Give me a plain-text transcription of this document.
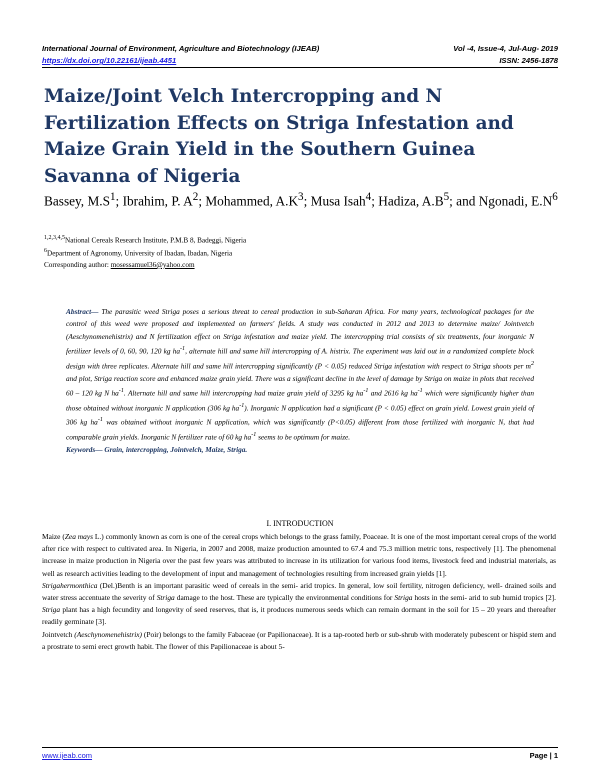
International Journal of Environment, Agriculture and Biotechnology (IJEAB)	Vol -4, Issue-4, Jul-Aug- 2019
https://dx.doi.org/10.22161/ijeab.4451	ISSN: 2456-1878
Maize/Joint Velch Intercropping and N Fertilization Effects on Striga Infestation and Maize Grain Yield in the Southern Guinea Savanna of Nigeria

Bassey, $M.S^1$; Ibrahim, P. $A^2$; Mohammed, $A.K^3$; Musa Isah$^4$; Hadiza, $A.B^5$; and Ngonadi, $E.N^6$

$^{1,2,3,4,5}$National Cereals Research Institute, P.M.B 8, Badeggi, Nigeria
$^6$Department of Agronomy, University of Ibadan, Ibadan, Nigeria
Corresponding author: mosessamuel36@yahoo.com

Abstract— The parasitic weed Striga poses a serious threat to cereal production in sub-Saharan Africa. For many years, technological packages for the control of this weed were proposed and implemented on farmers' fields. A study was conducted in 2012 and 2013 to determine maize/ Jointvetch (Aeschynomenehistrix) and N fertilization effect on Striga infestation and maize yield. The intercropping trial consists of six treatments, four inorganic N fertilizer levels of 0, 60, 90, 120 kg $ha^{-1}$, alternate hill and same hill intercropping of A. histrix. The experiment was laid out in a randomized complete block design with three replicates. Alternate hill and same hill intercropping significantly (P < 0.05) reduced Striga infestation with respect to Striga shoots per $m^2$ and plot, Striga reaction score and enhanced maize grain yield. There was a significant decline in the level of damage by Striga on maize in plots that received 60 – 120 kg N $ha^{-1}$. Alternate hill and same hill intercropping had maize grain yield of 3295 kg $ha^{-1}$ and 2616 kg $ha^{-1}$ which were significantly higher than those obtained without inorganic N application (306 kg $ha^{-1}$). Inorganic N application had a significant (P < 0.05) effect on grain yield. Lowest grain yield of 306 kg $ha^{-1}$ was obtained without inorganic N application, which was significantly (P<0.05) different from those fertilized with inorganic N, that had comparable grain yields. Inorganic N fertilizer rate of 60 kg $ha^{-1}$ seems to be optimum for maize.
Keywords— Grain, intercropping, Jointvelch, Maize, Striga.

I. INTRODUCTION

Maize (Zea mays L.) commonly known as corn is one of the cereal crops which belongs to the grass family, Poaceae. It is one of the most important cereal crops of the world after rice with respect to cultivated area. In Nigeria, in 2007 and 2008, maize production amounted to 67.4 and 75.3 million metric tons, respectively [1]. The phenomenal increase in maize production in Nigeria over the past few years was attributed to increase in its utilization for various food items, livestock feed and industrial materials, as well as research activities leading to the development of input and management of technologies resulting from increased grain yields [1].

Strigahermonthica (Del.)Benth is an important parasitic weed of cereals in the semi- arid tropics. In general, low soil fertility, nitrogen deficiency, well- drained soils and water stress accentuate the severity of Striga damage to the host. These are typically the environmental conditions for Striga hosts in the semi- arid to sub humid tropics [2]. Striga plant has a high fecundity and longevity of seed reserves, that is, it produces numerous seeds which can remain dormant in the soil for 15 – 20 years and thereafter readily germinate [3].

Jointvetch (Aeschynomenehistrix) (Poir) belongs to the family Fabaceae (or Papilionaceae). It is a tap-rooted herb or sub-shrub with moderately pubescent or hispid stem and a prostrate to semi erect growth habit. The flower of this Papilionaceae is about 5-

www.ijeab.com	Page | 1
